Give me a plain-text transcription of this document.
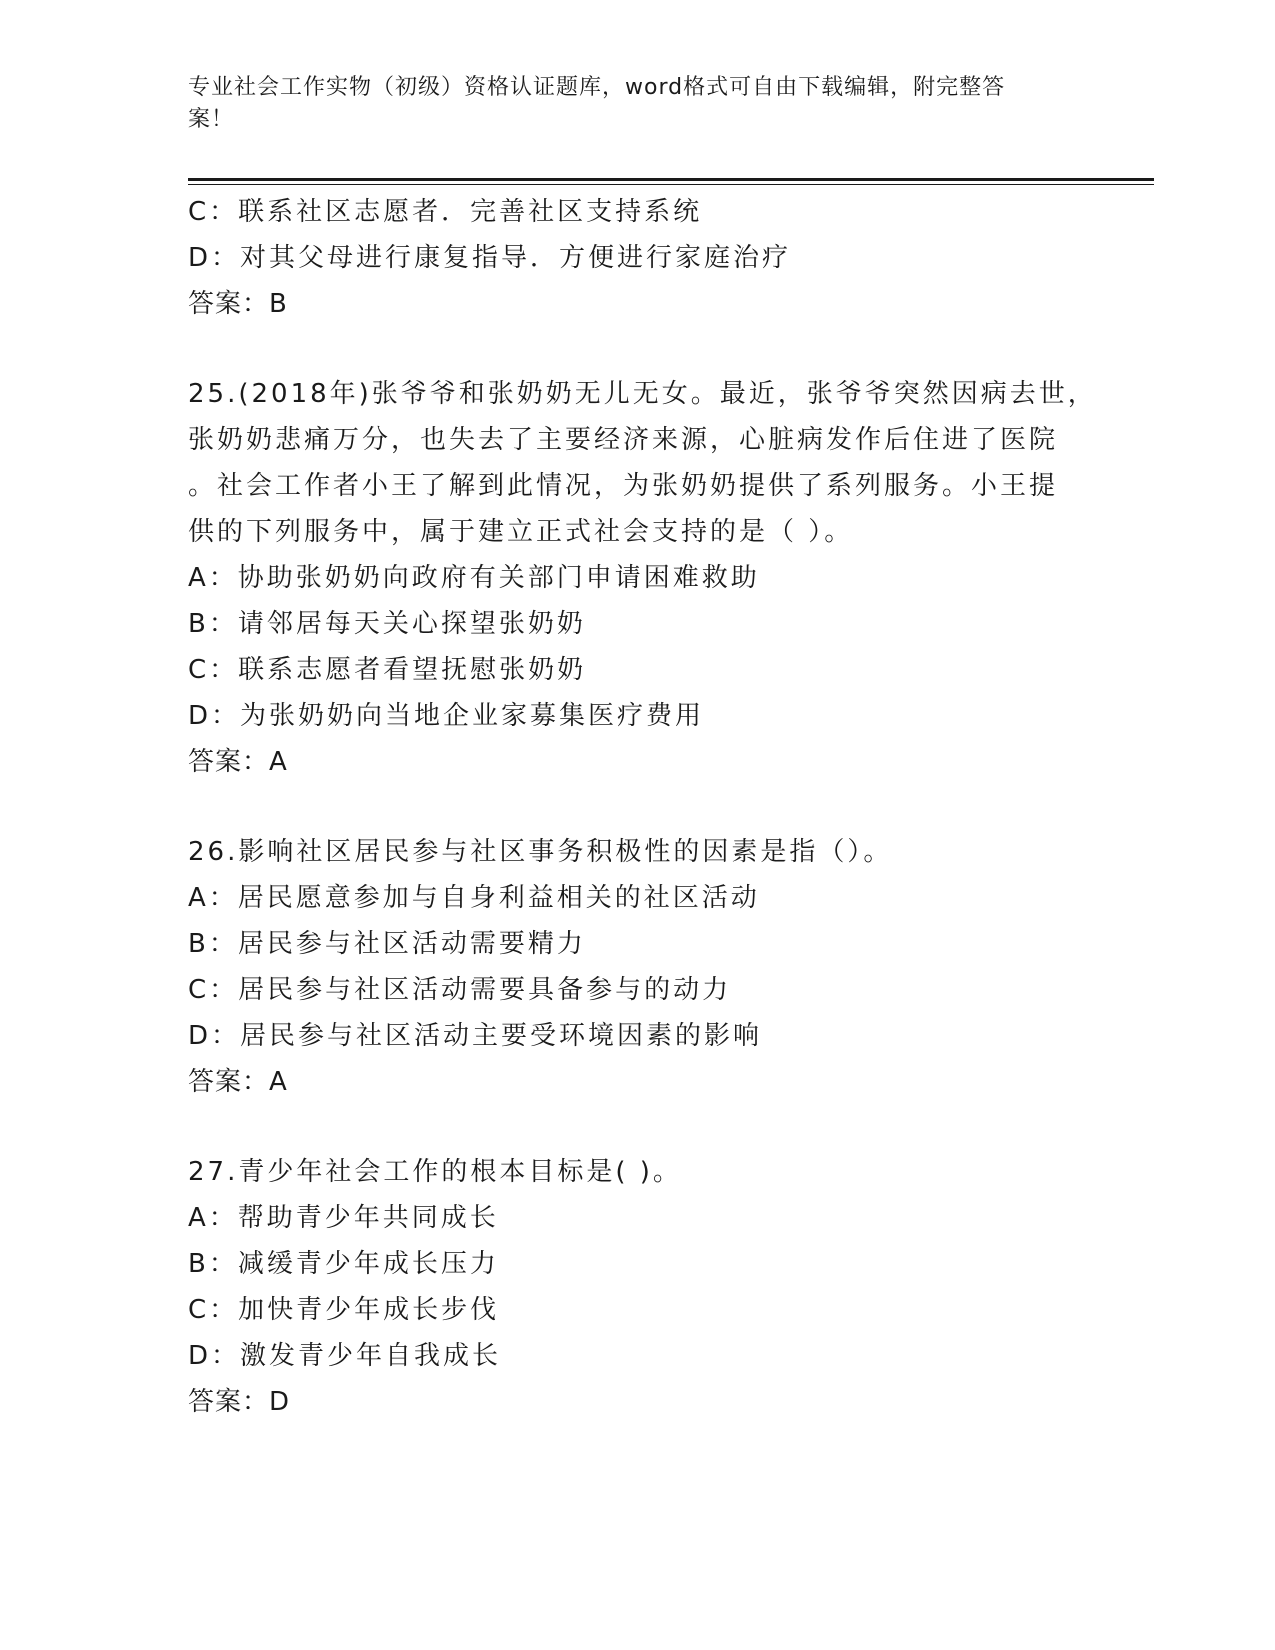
专业社会工作实物（初级）资格认证题库，word格式可自由下载编辑，附完整答
案！
C：联系社区志愿者．完善社区支持系统
D：对其父母进行康复指导．方便进行家庭治疗
答案：B
25.(2018年)张爷爷和张奶奶无儿无女。最近，张爷爷突然因病去世，
张奶奶悲痛万分，也失去了主要经济来源，心脏病发作后住进了医院
。社会工作者小王了解到此情况，为张奶奶提供了系列服务。小王提
供的下列服务中，属于建立正式社会支持的是（ ）。
A：协助张奶奶向政府有关部门申请困难救助
B：请邻居每天关心探望张奶奶
C：联系志愿者看望抚慰张奶奶
D：为张奶奶向当地企业家募集医疗费用
答案：A
26.影响社区居民参与社区事务积极性的因素是指（）。
A：居民愿意参加与自身利益相关的社区活动
B：居民参与社区活动需要精力
C：居民参与社区活动需要具备参与的动力
D：居民参与社区活动主要受环境因素的影响
答案：A
27.青少年社会工作的根本目标是( )。
A：帮助青少年共同成长
B：减缓青少年成长压力
C：加快青少年成长步伐
D：激发青少年自我成长
答案：D
